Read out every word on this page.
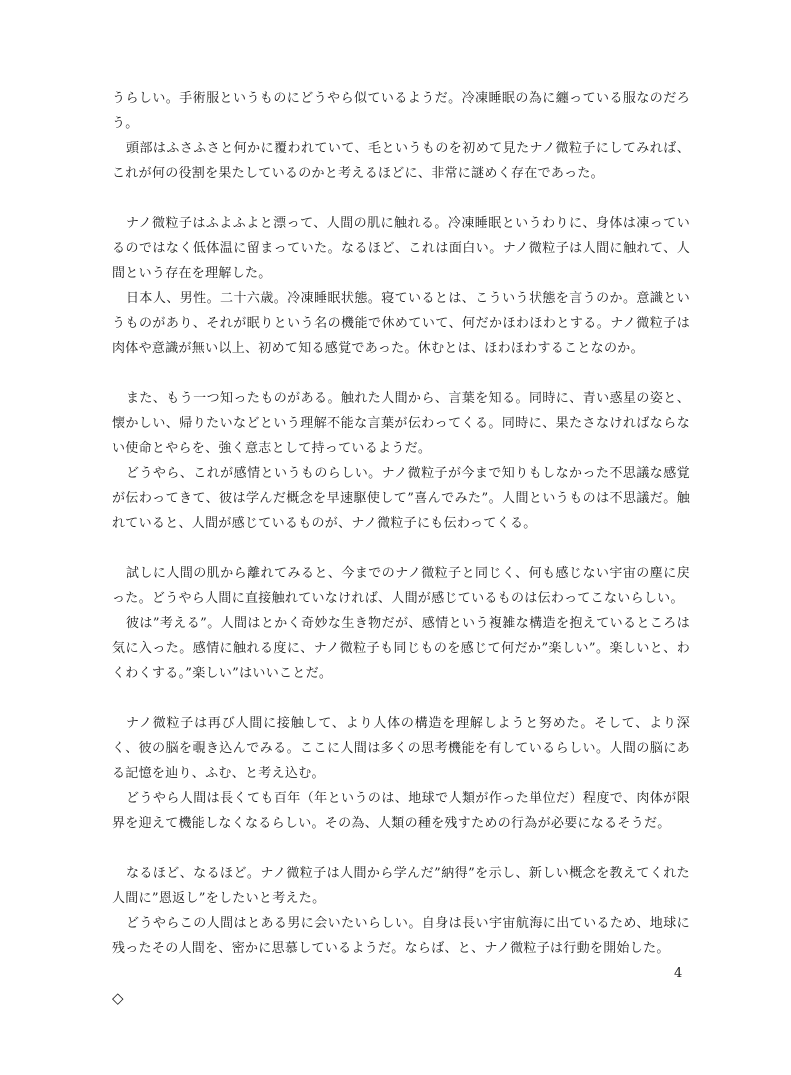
うらしい。手術服というものにどうやら似ているようだ。冷凍睡眠の為に纏っている服なのだろう。

頭部はふさふさと何かに覆われていて、毛というものを初めて見たナノ微粒子にしてみれば、これが何の役割を果たしているのかと考えるほどに、非常に謎めく存在であった。

ナノ微粒子はふよふよと漂って、人間の肌に触れる。冷凍睡眠というわりに、身体は凍っているのではなく低体温に留まっていた。なるほど、これは面白い。ナノ微粒子は人間に触れて、人間という存在を理解した。

日本人、男性。二十六歳。冷凍睡眠状態。寝ているとは、こういう状態を言うのか。意識というものがあり、それが眠りという名の機能で休めていて、何だかほわほわとする。ナノ微粒子は肉体や意識が無い以上、初めて知る感覚であった。休むとは、ほわほわすることなのか。

また、もう一つ知ったものがある。触れた人間から、言葉を知る。同時に、青い惑星の姿と、懐かしい、帰りたいなどという理解不能な言葉が伝わってくる。同時に、果たさなければならない使命とやらを、強く意志として持っているようだ。

どうやら、これが感情というものらしい。ナノ微粒子が今まで知りもしなかった不思議な感覚が伝わってきて、彼は学んだ概念を早速駆使して”喜んでみた”。人間というものは不思議だ。触れていると、人間が感じているものが、ナノ微粒子にも伝わってくる。

試しに人間の肌から離れてみると、今までのナノ微粒子と同じく、何も感じない宇宙の塵に戻った。どうやら人間に直接触れていなければ、人間が感じているものは伝わってこないらしい。

彼は”考える”。人間はとかく奇妙な生き物だが、感情という複雑な構造を抱えているところは気に入った。感情に触れる度に、ナノ微粒子も同じものを感じて何だか”楽しい”。楽しいと、わくわくする。”楽しい”はいいことだ。

ナノ微粒子は再び人間に接触して、より人体の構造を理解しようと努めた。そして、より深く、彼の脳を覗き込んでみる。ここに人間は多くの思考機能を有しているらしい。人間の脳にある記憶を辿り、ふむ、と考え込む。

どうやら人間は長くても百年（年というのは、地球で人類が作った単位だ）程度で、肉体が限界を迎えて機能しなくなるらしい。その為、人類の種を残すための行為が必要になるそうだ。

なるほど、なるほど。ナノ微粒子は人間から学んだ”納得”を示し、新しい概念を教えてくれた人間に”恩返し”をしたいと考えた。

どうやらこの人間はとある男に会いたいらしい。自身は長い宇宙航海に出ているため、地球に残ったその人間を、密かに思慕しているようだ。ならば、と、ナノ微粒子は行動を開始した。

◇
4
